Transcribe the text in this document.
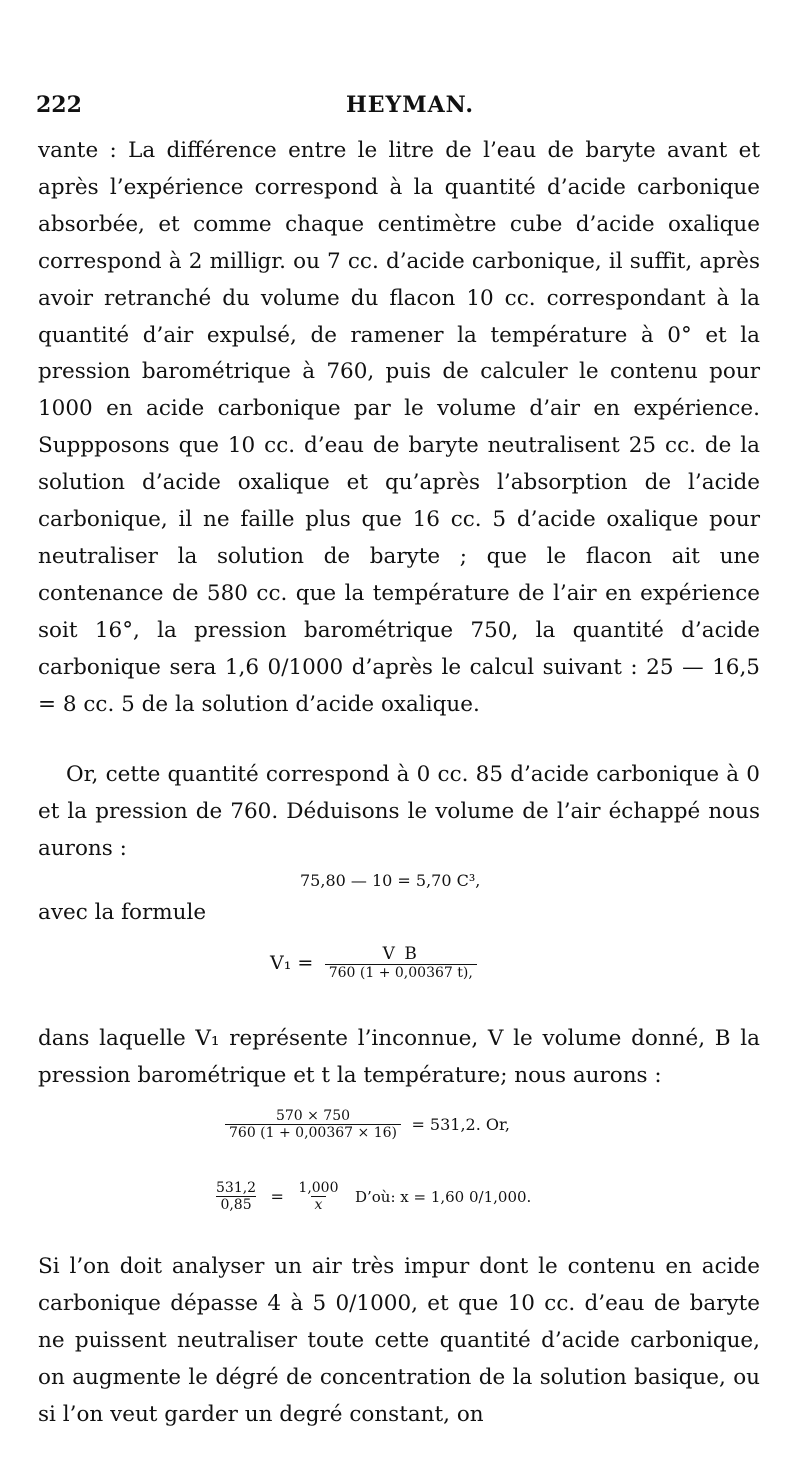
222	HEYMAN.

vante : La différence entre le litre de l’eau de baryte avant et après l’expérience correspond à la quantité d’acide carbonique absorbée, et comme chaque centimètre cube d’acide oxalique correspond à 2 milligr. ou 7 cc. d’acide carbonique, il suffit, après avoir retranché du volume du flacon 10 cc. correspondant à la quantité d’air expulsé, de ramener la température à 0° et la pression barométrique à 760, puis de calculer le contenu pour 1000 en acide carbonique par le volume d’air en expérience. Suppposons que 10 cc. d’eau de baryte neutralisent 25 cc. de la solution d’acide oxalique et qu’après l’absorption de l’acide carbonique, il ne faille plus que 16 cc. 5 d’acide oxalique pour neutraliser la solution de baryte ; que le flacon ait une contenance de 580 cc. que la température de l’air en expérience soit 16°, la pression barométrique 750, la quantité d’acide carbonique sera 1,6 0/1000 d’après le calcul suivant : 25 — 16,5 = 8 cc. 5 de la solution d’acide oxalique.

Or, cette quantité correspond à 0 cc. 85 d’acide carbonique à 0 et la pression de 760. Déduisons le volume de l’air échappé nous aurons :

75,80 — 10 = 5,70 C³,

avec la formule

$V_1 = \frac{\text{V B}}{760 (1 + 0,00367 t),}$

dans laquelle V₁ représente l’inconnue, V le volume donné, B la pression barométrique et t la température; nous aurons :

$\frac{570 \times 750}{760 (1 + 0,00367 \times 16)} = 531,2$. Or,
$\frac{531,2}{0,85} = \frac{1,000}{x}$ D’où: x = 1,60 0/1,000.

Si l’on doit analyser un air très impur dont le contenu en acide carbonique dépasse 4 à 5 0/1000, et que 10 cc. d’eau de baryte ne puissent neutraliser toute cette quantité d’acide carbonique, on augmente le dégré de concentration de la solution basique, ou si l’on veut garder un degré constant, on
